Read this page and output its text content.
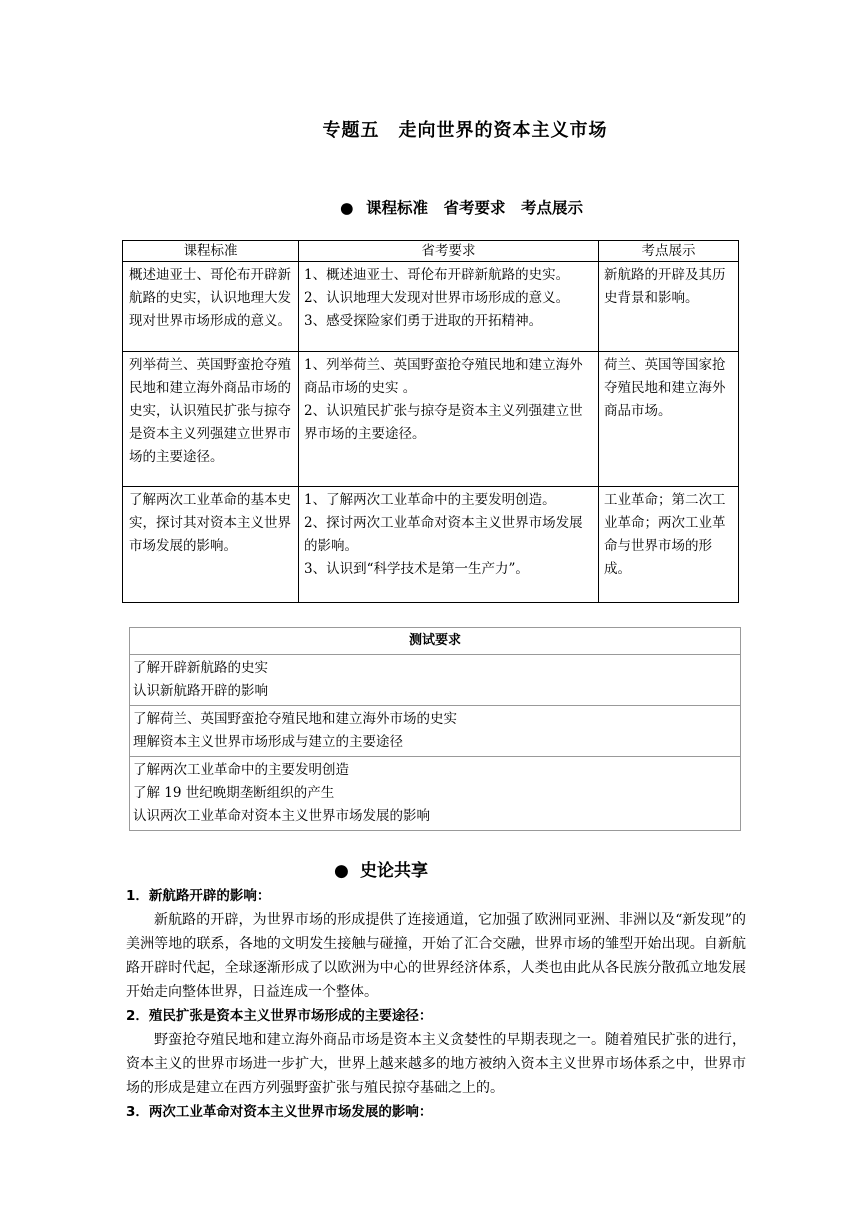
专题五　走向世界的资本主义市场
● 课程标准　省考要求　考点展示
课程标准	省考要求	考点展示
概述迪亚士、哥伦布开辟新航路的史实，认识地理大发现对世界市场形成的意义。	1、概述迪亚士、哥伦布开辟新航路的史实。
2、认识地理大发现对世界市场形成的意义。
3、感受探险家们勇于进取的开拓精神。	新航路的开辟及其历史背景和影响。
列举荷兰、英国野蛮抢夺殖民地和建立海外商品市场的史实，认识殖民扩张与掠夺是资本主义列强建立世界市场的主要途径。	1、列举荷兰、英国野蛮抢夺殖民地和建立海外商品市场的史实 。
2、认识殖民扩张与掠夺是资本主义列强建立世界市场的主要途径。	荷兰、英国等国家抢夺殖民地和建立海外商品市场。
了解两次工业革命的基本史实，探讨其对资本主义世界市场发展的影响。	1、了解两次工业革命中的主要发明创造。
2、探讨两次工业革命对资本主义世界市场发展的影响。
3、认识到“科学技术是第一生产力”。	工业革命；第二次工业革命；两次工业革命与世界市场的形成。
测试要求

了解开辟新航路的史实
认识新航路开辟的影响

了解荷兰、英国野蛮抢夺殖民地和建立海外市场的史实
理解资本主义世界市场形成与建立的主要途径

了解两次工业革命中的主要发明创造
了解 19 世纪晚期垄断组织的产生
认识两次工业革命对资本主义世界市场发展的影响
● 史论共享
1．新航路开辟的影响：

新航路的开辟，为世界市场的形成提供了连接通道，它加强了欧洲同亚洲、非洲以及“新发现”的美洲等地的联系，各地的文明发生接触与碰撞，开始了汇合交融，世界市场的雏型开始出现。自新航路开辟时代起，全球逐渐形成了以欧洲为中心的世界经济体系，人类也由此从各民族分散孤立地发展开始走向整体世界，日益连成一个整体。

2．殖民扩张是资本主义世界市场形成的主要途径：

野蛮抢夺殖民地和建立海外商品市场是资本主义贪婪性的早期表现之一。随着殖民扩张的进行，资本主义的世界市场进一步扩大，世界上越来越多的地方被纳入资本主义世界市场体系之中，世界市场的形成是建立在西方列强野蛮扩张与殖民掠夺基础之上的。

3．两次工业革命对资本主义世界市场发展的影响：
